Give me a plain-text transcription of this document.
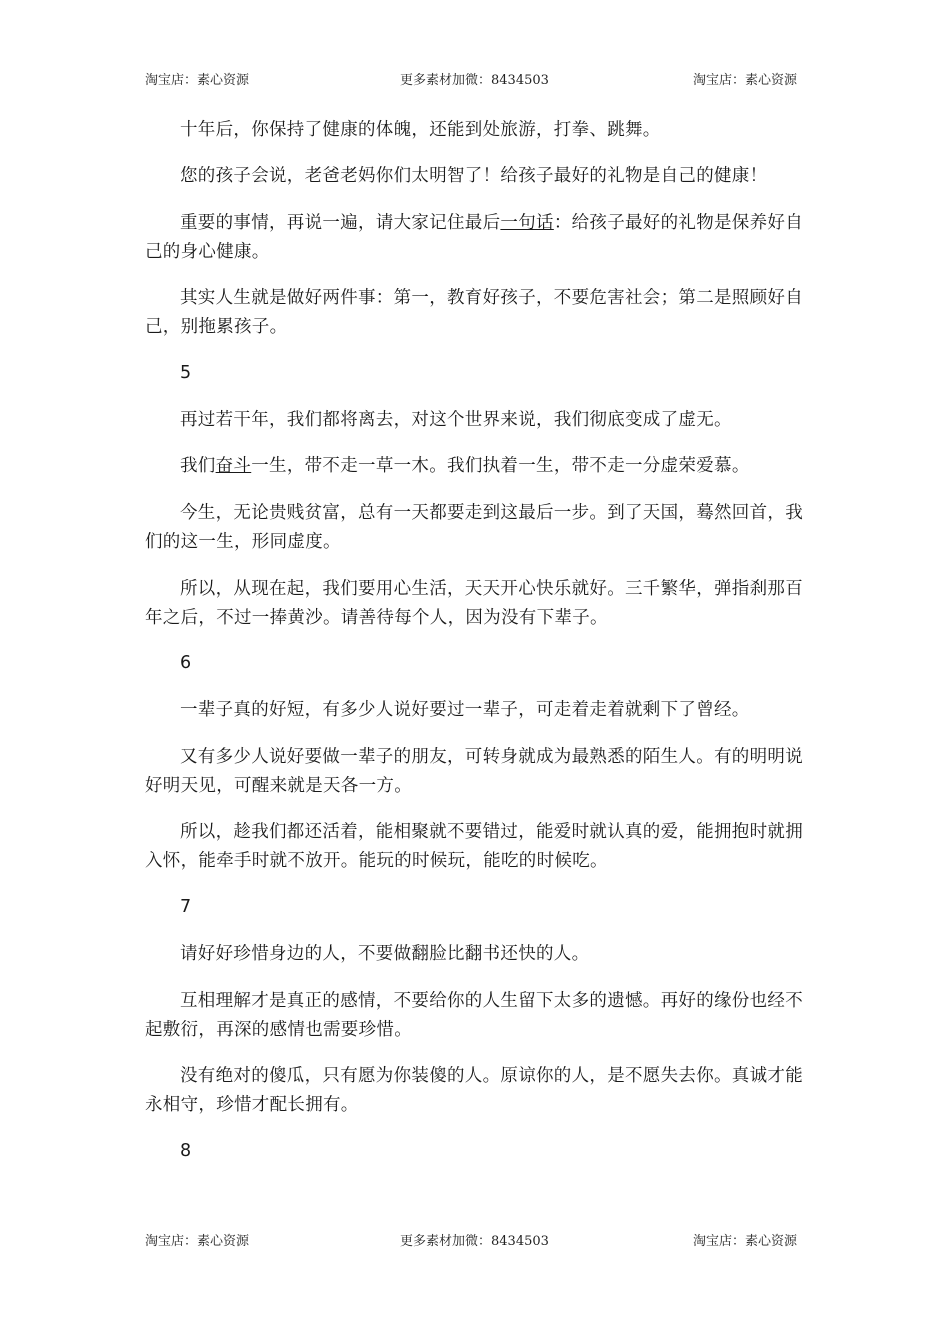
淘宝店：素心资源	更多素材加微：8434503	淘宝店：素心资源

十年后，你保持了健康的体魄，还能到处旅游，打拳、跳舞。

您的孩子会说，老爸老妈你们太明智了！给孩子最好的礼物是自己的健康！

重要的事情，再说一遍，请大家记住最后一句话：给孩子最好的礼物是保养好自己的身心健康。

其实人生就是做好两件事：第一，教育好孩子，不要危害社会；第二是照顾好自己，别拖累孩子。

5

再过若干年，我们都将离去，对这个世界来说，我们彻底变成了虚无。

我们奋斗一生，带不走一草一木。我们执着一生，带不走一分虚荣爱慕。

今生，无论贵贱贫富，总有一天都要走到这最后一步。到了天国，蓦然回首，我们的这一生，形同虚度。

所以，从现在起，我们要用心生活，天天开心快乐就好。三千繁华，弹指刹那百年之后，不过一捧黄沙。请善待每个人，因为没有下辈子。

6

一辈子真的好短，有多少人说好要过一辈子，可走着走着就剩下了曾经。

又有多少人说好要做一辈子的朋友，可转身就成为最熟悉的陌生人。有的明明说好明天见，可醒来就是天各一方。

所以，趁我们都还活着，能相聚就不要错过，能爱时就认真的爱，能拥抱时就拥入怀，能牵手时就不放开。能玩的时候玩，能吃的时候吃。

7

请好好珍惜身边的人，不要做翻脸比翻书还快的人。

互相理解才是真正的感情，不要给你的人生留下太多的遗憾。再好的缘份也经不起敷衍，再深的感情也需要珍惜。

没有绝对的傻瓜，只有愿为你装傻的人。原谅你的人，是不愿失去你。真诚才能永相守，珍惜才配长拥有。

8

淘宝店：素心资源	更多素材加微：8434503	淘宝店：素心资源
